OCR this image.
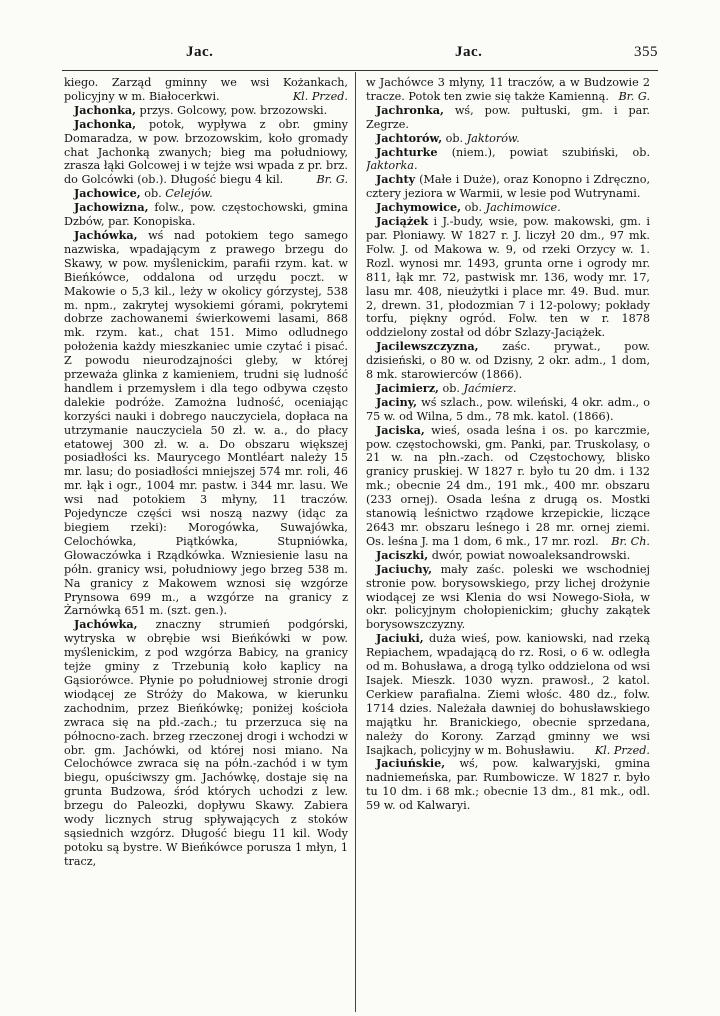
Jac.	Jac.	355

kiego. Zarząd gminny we wsi Kożankach, policyjny w m. Białocerkwi.	Kl. Przed.

Jachonka, przys. Golcowy, pow. brzozowski.

Jachonka, potok, wypływa z obr. gminy Domaradza, w pow. brzozowskim, koło gromady chat Jachonką zwanych; bieg ma południowy, zrasza łąki Golcowej i w tejże wsi wpada z pr. brz. do Golcówki (ob.). Długość biegu 4 kil.	Br. G.

Jachowice, ob. Celejów.

Jachowizna, folw., pow. częstochowski, gmina Dzbów, par. Konopiska.

Jachówka, wś nad potokiem tego samego nazwiska, wpadającym z prawego brzegu do Skawy, w pow. myślenickim, parafii rzym. kat. w Bieńkówce, oddalona od urzędu poczt. w Makowie o 5,3 kil., leży w okolicy górzystej, 538 m. npm., zakrytej wysokiemi górami, pokrytemi dobrze zachowanemi świerkowemi lasami, 868 mk. rzym. kat., chat 151. Mimo odludnego położenia każdy mieszkaniec umie czytać i pisać. Z powodu nieurodzajności gleby, w której przeważa glinka z kamieniem, trudni się ludność handlem i przemysłem i dla tego odbywa często dalekie podróże. Zamożna ludność, oceniając korzyści nauki i dobrego nauczyciela, dopłaca na utrzymanie nauczyciela 50 zł. w. a., do płacy etatowej 300 zł. w. a. Do obszaru większej posiadłości ks. Maurycego Montléart należy 15 mr. lasu; do posiadłości mniejszej 574 mr. roli, 46 mr. łąk i ogr., 1004 mr. pastw. i 344 mr. lasu. We wsi nad potokiem 3 młyny, 11 traczów. Pojedyncze części wsi noszą nazwy (idąc za biegiem rzeki): Morogówka, Suwajówka, Celochówka, Piątkówka, Stupniówka, Głowaczówka i Rządkówka. Wzniesienie lasu na półn. granicy wsi, południowy jego brzeg 538 m. Na granicy z Makowem wznosi się wzgórze Prynsowa 699 m., a wzgórze na granicy z Żarnówką 651 m. (szt. gen.).

Jachówka, znaczny strumień podgórski, wytryska w obrębie wsi Bieńkówki w pow. myślenickim, z pod wzgórza Babicy, na granicy tejże gminy z Trzebunią koło kaplicy na Gąsiorówce. Płynie po południowej stronie drogi wiodącej ze Stróży do Makowa, w kierunku zachodnim, przez Bieńkówkę; poniżej kościoła zwraca się na płd.-zach.; tu przerzuca się na północno-zach. brzeg rzeczonej drogi i wchodzi w obr. gm. Jachówki, od której nosi miano. Na Celochówce zwraca się na półn.-zachód i w tym biegu, opuściwszy gm. Jachówkę, dostaje się na grunta Budzowa, śród których uchodzi z lew. brzegu do Paleozki, dopływu Skawy. Zabiera wody licznych strug spływających z stoków sąsiednich wzgórz. Długość biegu 11 kil. Wody potoku są bystre. W Bieńkówce porusza 1 młyn, 1 tracz,

w Jachówce 3 młyny, 11 traczów, a w Budzowie 2 tracze. Potok ten zwie się także Kamienną. Br. G.

Jachronka, wś, pow. pułtuski, gm. i par. Zegrze.

Jachtorów, ob. Jaktorów.

Jachturke (niem.), powiat szubiński, ob. Jaktorka.

Jachty (Małe i Duże), oraz Konopno i Zdręczno, cztery jeziora w Warmii, w lesie pod Wutrynami.

Jachymowice, ob. Jachimowice.

Jaciążek i J.-budy, wsie, pow. makowski, gm. i par. Płoniawy. W 1827 r. J. liczył 20 dm., 97 mk. Folw. J. od Makowa w. 9, od rzeki Orzycy w. 1. Rozl. wynosi mr. 1493, grunta orne i ogrody mr. 811, łąk mr. 72, pastwisk mr. 136, wody mr. 17, lasu mr. 408, nieużytki i place mr. 49. Bud. mur. 2, drewn. 31, płodozmian 7 i 12-polowy; pokłady torfu, piękny ogród. Folw. ten w r. 1878 oddzielony został od dóbr Szlazy-Jaciążek.

Jacilewszczyzna, zaśc. prywat., pow. dzisieński, o 80 w. od Dzisny, 2 okr. adm., 1 dom, 8 mk. starowierców (1866).

Jacimierz, ob. Jaćmierz.

Jaciny, wś szlach., pow. wileński, 4 okr. adm., o 75 w. od Wilna, 5 dm., 78 mk. katol. (1866).

Jaciska, wieś, osada leśna i os. po karczmie, pow. częstochowski, gm. Panki, par. Truskolasy, o 21 w. na płn.-zach. od Częstochowy, blisko granicy pruskiej. W 1827 r. było tu 20 dm. i 132 mk.; obecnie 24 dm., 191 mk., 400 mr. obszaru (233 ornej). Osada leśna z drugą os. Mostki stanowią leśnictwo rządowe krzepickie, liczące 2643 mr. obszaru leśnego i 28 mr. ornej ziemi. Os. leśna J. ma 1 dom, 6 mk., 17 mr. rozl.	Br. Ch.

Jaciszki, dwór, powiat nowoaleksandrowski.

Jaciuchy, mały zaśc. poleski we wschodniej stronie pow. borysowskiego, przy lichej drożynie wiodącej ze wsi Klenia do wsi Nowego-Sioła, w okr. policyjnym chołopienickim; głuchy zakątek borysowszczyzny.

Jaciuki, duża wieś, pow. kaniowski, nad rzeką Repiachem, wpadającą do rz. Rosi, o 6 w. odległa od m. Bohusława, a drogą tylko oddzielona od wsi Isajek. Mieszk. 1030 wyzn. prawosł., 2 katol. Cerkiew parafialna. Ziemi włośc. 480 dz., folw. 1714 dzies. Należała dawniej do bohusławskiego majątku hr. Branickiego, obecnie sprzedana, należy do Korony. Zarząd gminny we wsi Isajkach, policyjny w m. Bohusławiu.	Kl. Przed.

Jaciuńskie, wś, pow. kalwaryjski, gmina nadniemeńska, par. Rumbowicze. W 1827 r. było tu 10 dm. i 68 mk.; obecnie 13 dm., 81 mk., odl. 59 w. od Kalwaryi.
